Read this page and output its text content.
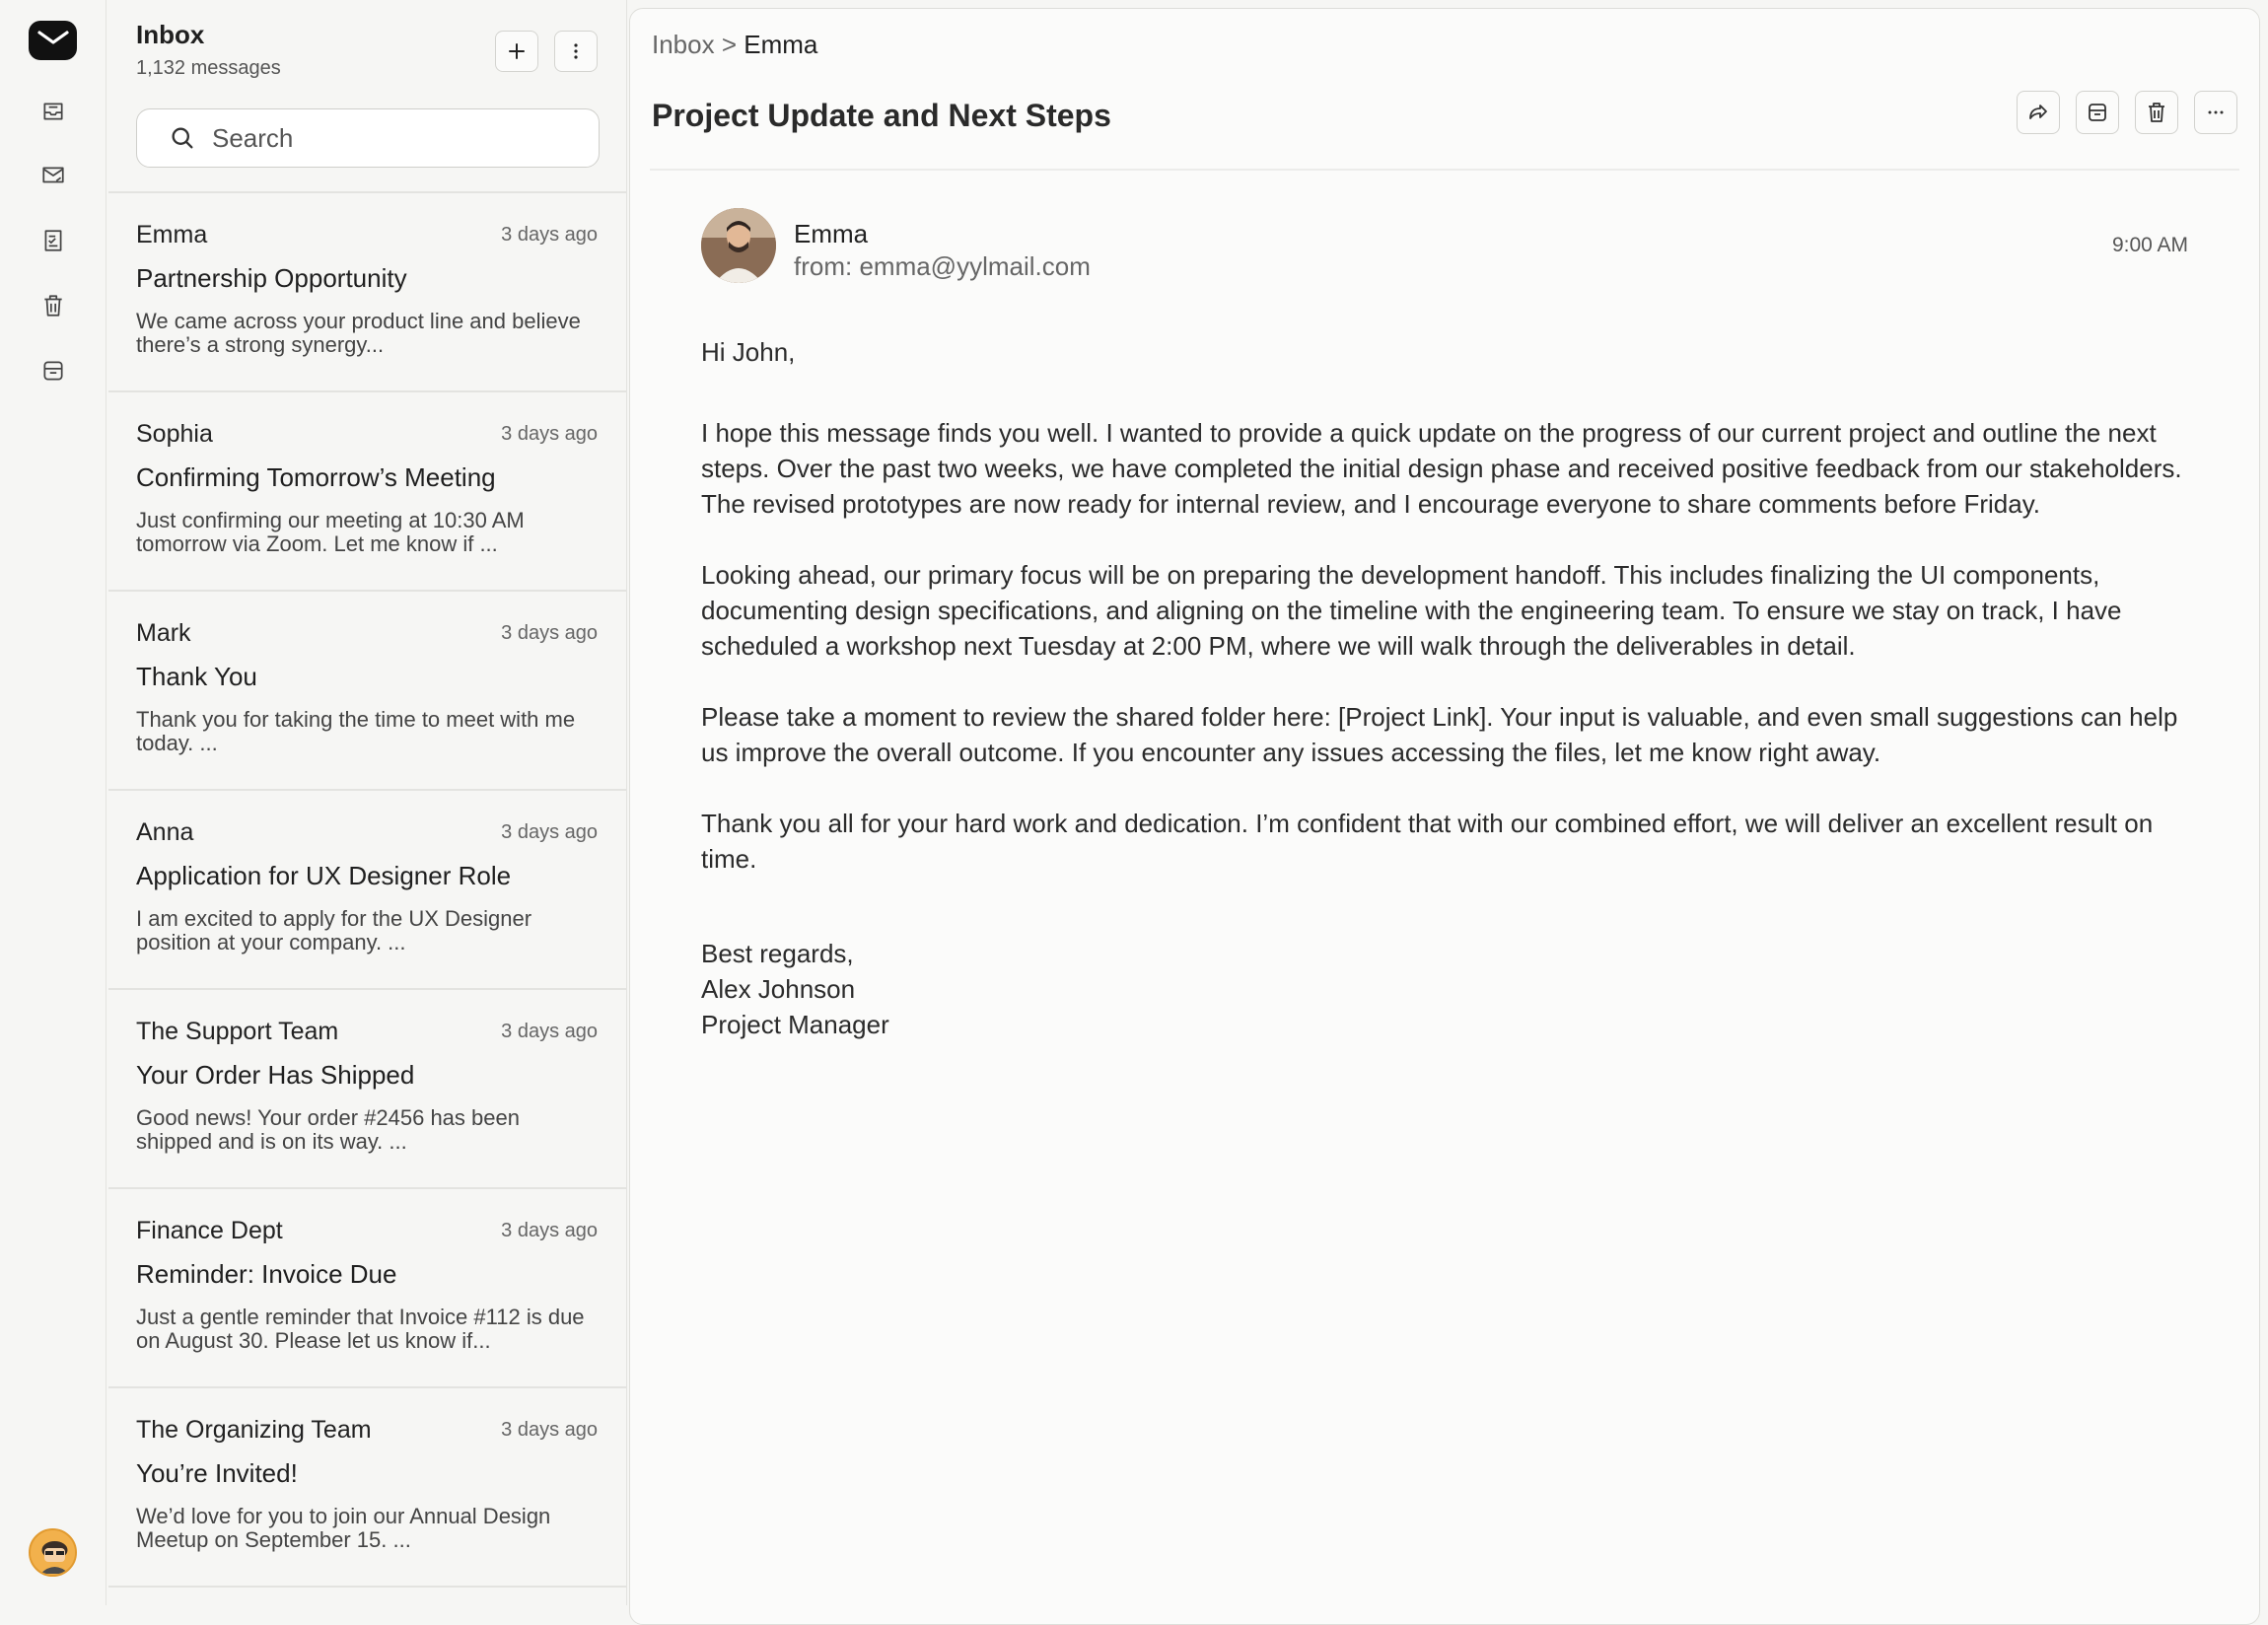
Inbox
1,132 messages
Search
Emma	3 days ago
Partnership Opportunity
We came across your product line and believe there’s a strong synergy...
Sophia	3 days ago
Confirming Tomorrow’s Meeting
Just confirming our meeting at 10:30 AM tomorrow via Zoom. Let me know if ...
Mark	3 days ago
Thank You
Thank you for taking the time to meet with me today. ...
Anna	3 days ago
Application for UX Designer Role
I am excited to apply for the UX Designer position at your company. ...
The Support Team	3 days ago
Your Order Has Shipped
Good news! Your order #2456 has been shipped and is on its way. ...
Finance Dept	3 days ago
Reminder: Invoice Due
Just a gentle reminder that Invoice #112 is due on August 30. Please let us know if...
The Organizing Team	3 days ago
You’re Invited!
We’d love for you to join our Annual Design Meetup on September 15. ...
Inbox > Emma
Project Update and Next Steps
Emma
from: emma@yylmail.com
9:00 AM

Hi John,

I hope this message finds you well. I wanted to provide a quick update on the progress of our current project and outline the next steps. Over the past two weeks, we have completed the initial design phase and received positive feedback from our stakeholders. The revised prototypes are now ready for internal review, and I encourage everyone to share comments before Friday.

Looking ahead, our primary focus will be on preparing the development handoff. This includes finalizing the UI components, documenting design specifications, and aligning on the timeline with the engineering team. To ensure we stay on track, I have scheduled a workshop next Tuesday at 2:00 PM, where we will walk through the deliverables in detail.

Please take a moment to review the shared folder here: [Project Link]. Your input is valuable, and even small suggestions can help us improve the overall outcome. If you encounter any issues accessing the files, let me know right away.

Thank you all for your hard work and dedication. I’m confident that with our combined effort, we will deliver an excellent result on time.

Best regards,
Alex Johnson
Project Manager
